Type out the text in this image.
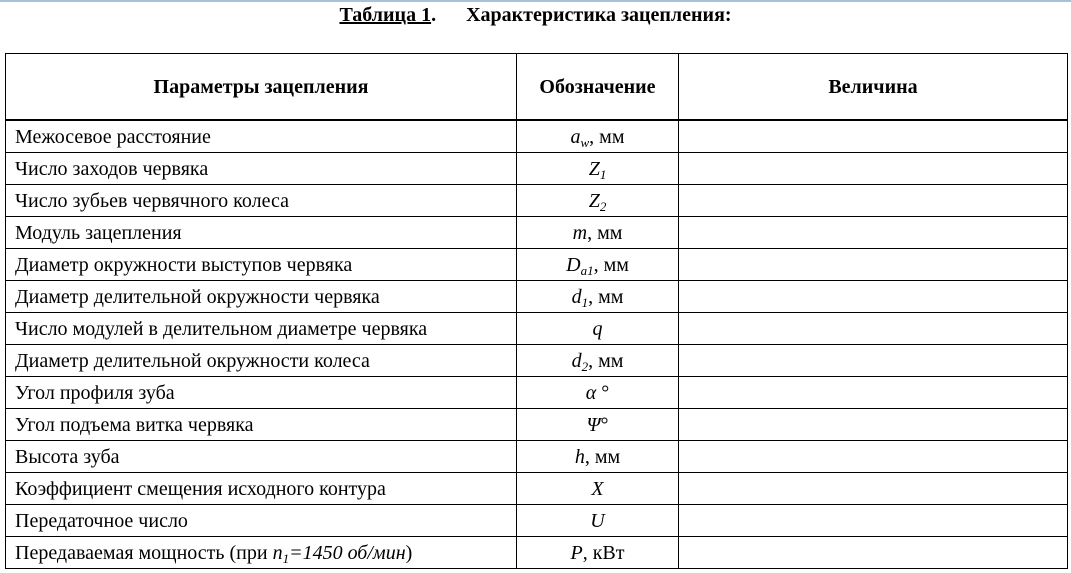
Таблица 1. Характеристика зацепления:
Параметры зацепления	Обозначение	Величина
Межосевое расстояние	$a_w$, мм	
Число заходов червяка	$Z_1$	
Число зубьев червячного колеса	$Z_2$	
Модуль зацепления	m, мм	
Диаметр окружности выступов червяка	$D_{a1}$, мм	
Диаметр делительной окружности червяка	$d_1$, мм	
Число модулей в делительном диаметре червяка	q	
Диаметр делительной окружности колеса	$d_2$, мм	
Угол профиля зуба	α °	
Угол подъема витка червяка	Ψ°	
Высота зуба	h, мм	
Коэффициент смещения исходного контура	X	
Передаточное число	U	
Передаваемая мощность (при $n_1=1450$ об/мин)	P, кВт	
